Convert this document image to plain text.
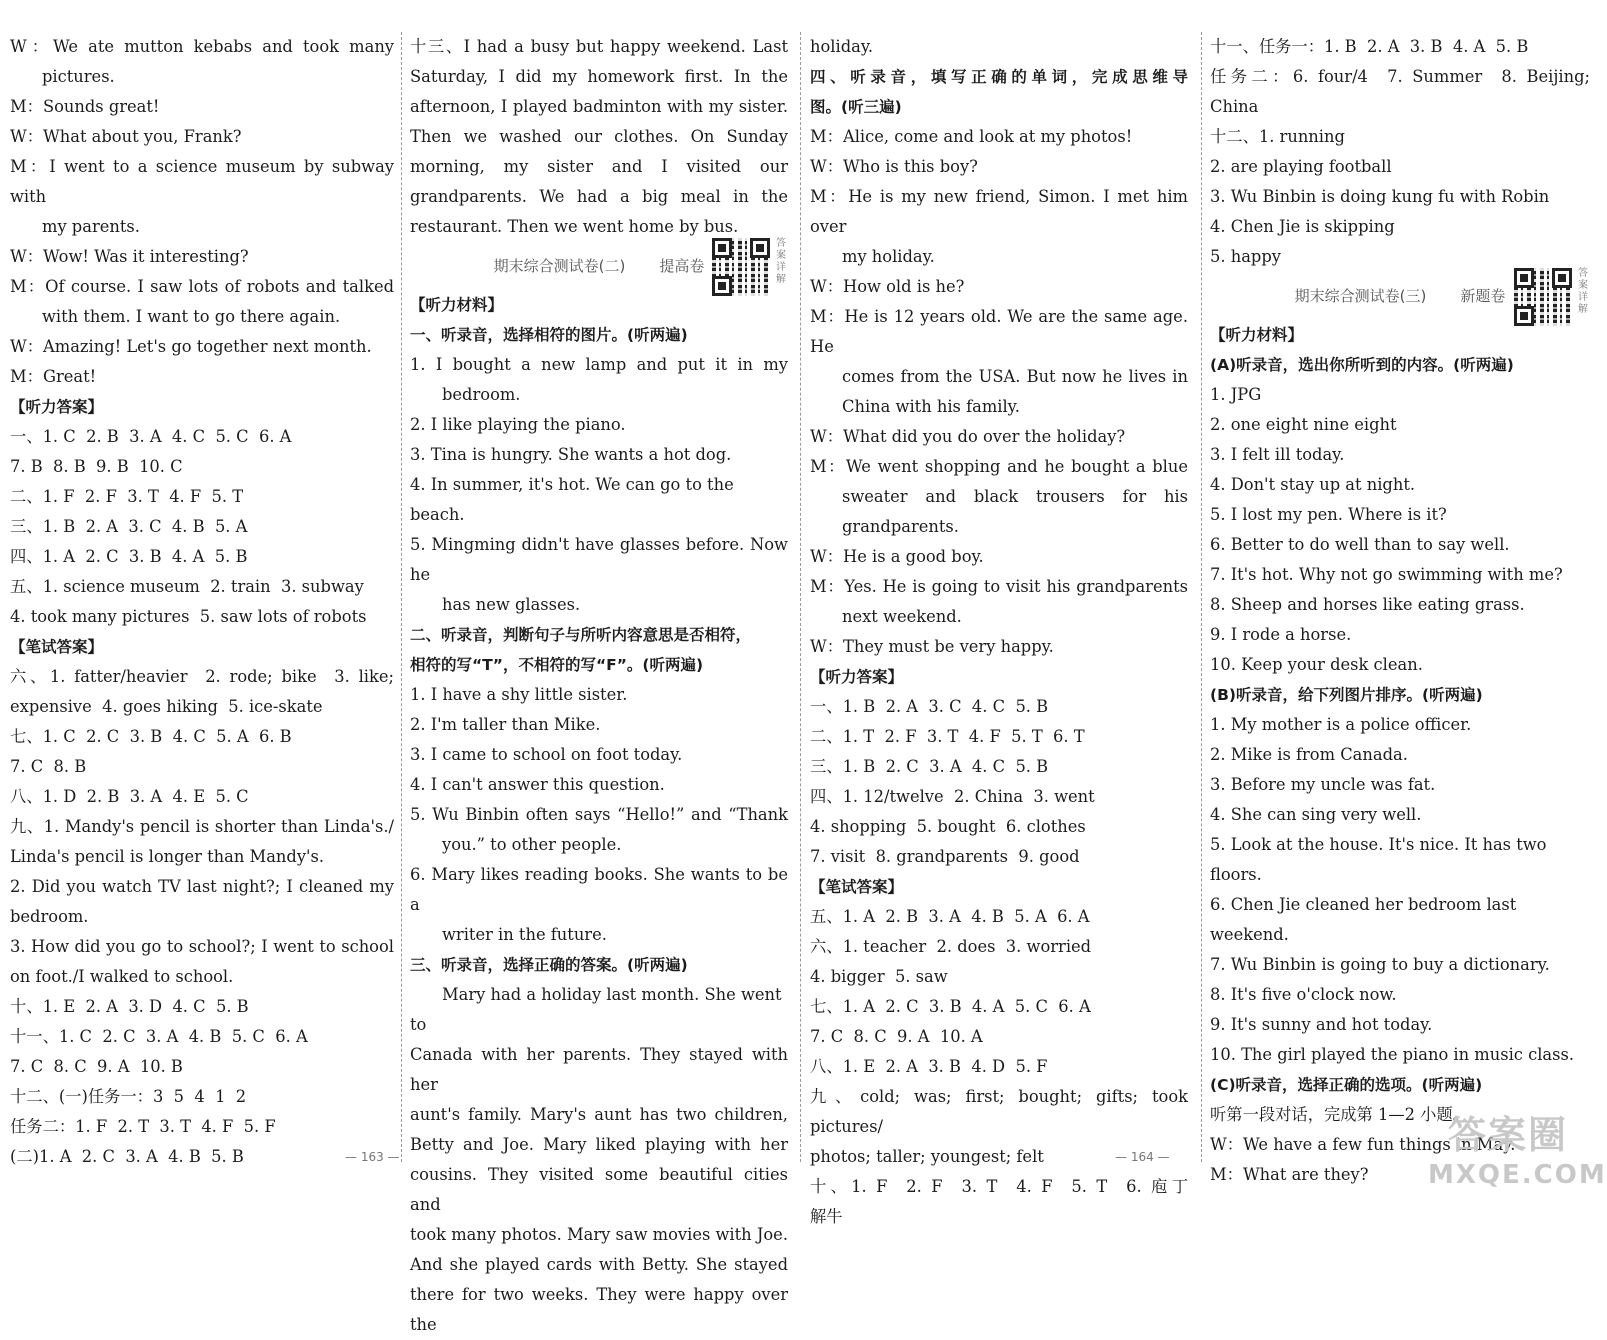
W：We ate mutton kebabs and took many

pictures.

M：Sounds great!

W：What about you, Frank?

M：I went to a science museum by subway with

my parents.

W：Wow! Was it interesting?

M：Of course. I saw lots of robots and talked

with them. I want to go there again.

W：Amazing! Let's go together next month.

M：Great!

【听力答案】

一、1. C  2. B  3. A  4. C  5. C  6. A

7. B  8. B  9. B  10. C

二、1. F  2. F  3. T  4. F  5. T

三、1. B  2. A  3. C  4. B  5. A

四、1. A  2. C  3. B  4. A  5. B

五、1. science museum  2. train  3. subway

4. took many pictures  5. saw lots of robots

【笔试答案】

六、1. fatter/heavier  2. rode; bike  3. like;

expensive  4. goes hiking  5. ice-skate

七、1. C  2. C  3. B  4. C  5. A  6. B

7. C  8. B

八、1. D  2. B  3. A  4. E  5. C

九、1. Mandy's pencil is shorter than Linda's./

Linda's pencil is longer than Mandy's.

2. Did you watch TV last night?; I cleaned my

bedroom.

3. How did you go to school?; I went to school

on foot./I walked to school.

十、1. E  2. A  3. D  4. C  5. B

十一、1. C  2. C  3. A  4. B  5. C  6. A

7. C  8. C  9. A  10. B

十二、(一)任务一：3  5  4  1  2

任务二：1. F  2. T  3. T  4. F  5. F

(二)1. A  2. C  3. A  4. B  5. B

十三、I had a busy but happy weekend. Last

Saturday, I did my homework first. In the

afternoon, I played badminton with my sister.

Then we washed our clothes. On Sunday

morning, my sister and I visited our

grandparents. We had a big meal in the

restaurant. Then we went home by bus.

期末综合测试卷(二) 提高卷
答案详解

【听力材料】

一、听录音，选择相符的图片。(听两遍)

1. I bought a new lamp and put it in my

bedroom.

2. I like playing the piano.

3. Tina is hungry. She wants a hot dog.

4. In summer, it's hot. We can go to the beach.

5. Mingming didn't have glasses before. Now he

has new glasses.

二、听录音，判断句子与所听内容意思是否相符，

相符的写“T”，不相符的写“F”。(听两遍)

1. I have a shy little sister.

2. I'm taller than Mike.

3. I came to school on foot today.

4. I can't answer this question.

5. Wu Binbin often says “Hello!” and “Thank

you.” to other people.

6. Mary likes reading books. She wants to be a

writer in the future.

三、听录音，选择正确的答案。(听两遍)

Mary had a holiday last month. She went to

Canada with her parents. They stayed with her

aunt's family. Mary's aunt has two children,

Betty and Joe. Mary liked playing with her

cousins. They visited some beautiful cities and

took many photos. Mary saw movies with Joe.

And she played cards with Betty. She stayed

there for two weeks. They were happy over the

holiday.

四、听录音，填写正确的单词，完成思维导

图。(听三遍)

M：Alice, come and look at my photos!

W：Who is this boy?

M：He is my new friend, Simon. I met him over

my holiday.

W：How old is he?

M：He is 12 years old. We are the same age. He

comes from the USA. But now he lives in

China with his family.

W：What did you do over the holiday?

M：We went shopping and he bought a blue

sweater and black trousers for his

grandparents.

W：He is a good boy.

M：Yes. He is going to visit his grandparents

next weekend.

W：They must be very happy.

【听力答案】

一、1. B  2. A  3. C  4. C  5. B

二、1. T  2. F  3. T  4. F  5. T  6. T

三、1. B  2. C  3. A  4. C  5. B

四、1. 12/twelve  2. China  3. went

4. shopping  5. bought  6. clothes

7. visit  8. grandparents  9. good

【笔试答案】

五、1. A  2. B  3. A  4. B  5. A  6. A

六、1. teacher  2. does  3. worried

4. bigger  5. saw

七、1. A  2. C  3. B  4. A  5. C  6. A

7. C  8. C  9. A  10. A

八、1. E  2. A  3. B  4. D  5. F

九、cold; was; first; bought; gifts; took pictures/

photos; taller; youngest; felt

十、1. F  2. F  3. T  4. F  5. T  6. 庖丁

解牛

十一、任务一：1. B  2. A  3. B  4. A  5. B

任务二：6. four/4  7. Summer  8. Beijing;

China

十二、1. running

2. are playing football

3. Wu Binbin is doing kung fu with Robin

4. Chen Jie is skipping

5. happy

期末综合测试卷(三) 新题卷
答案详解

【听力材料】

(A)听录音，选出你所听到的内容。(听两遍)

1. JPG

2. one eight nine eight

3. I felt ill today.

4. Don't stay up at night.

5. I lost my pen. Where is it?

6. Better to do well than to say well.

7. It's hot. Why not go swimming with me?

8. Sheep and horses like eating grass.

9. I rode a horse.

10. Keep your desk clean.

(B)听录音，给下列图片排序。(听两遍)

1. My mother is a police officer.

2. Mike is from Canada.

3. Before my uncle was fat.

4. She can sing very well.

5. Look at the house. It's nice. It has two floors.

6. Chen Jie cleaned her bedroom last weekend.

7. Wu Binbin is going to buy a dictionary.

8. It's five o'clock now.

9. It's sunny and hot today.

10. The girl played the piano in music class.

(C)听录音，选择正确的选项。(听两遍)

听第一段对话，完成第 1—2 小题。

W：We have a few fun things in May.

M：What are they?

— 163 —	— 164 —	答案圈
MXQE.COM
